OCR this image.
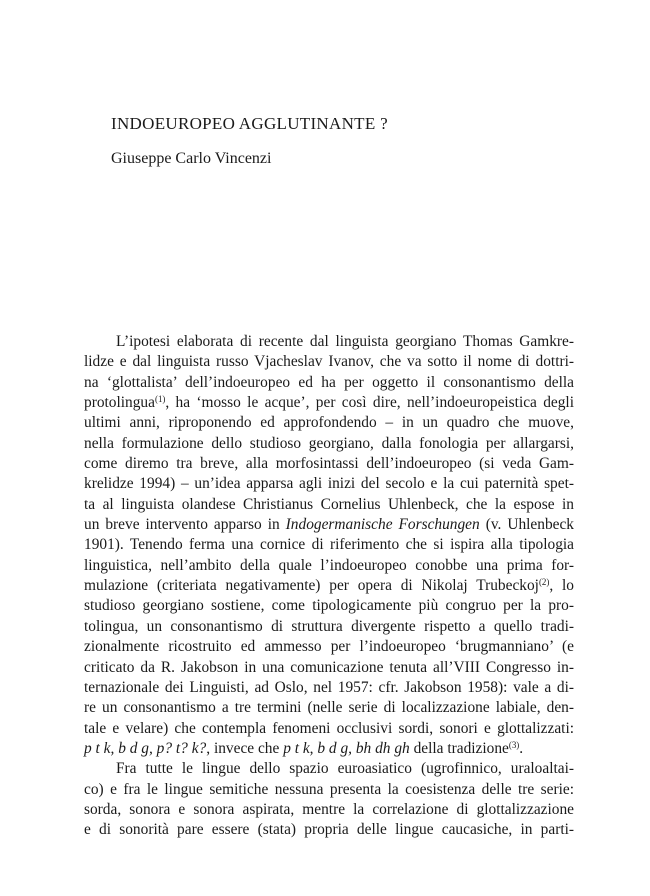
INDOEUROPEO AGGLUTINANTE ?
Giuseppe Carlo Vincenzi
L’ipotesi elaborata di recente dal linguista georgiano Thomas Gamkre-
lidze e dal linguista russo Vjacheslav Ivanov, che va sotto il nome di dottri-
na ‘glottalista’ dell’indoeuropeo ed ha per oggetto il consonantismo della
protolingua$^{(1)}$, ha ‘mosso le acque’, per così dire, nell’indoeuropeistica degli
ultimi anni, riproponendo ed approfondendo – in un quadro che muove,
nella formulazione dello studioso georgiano, dalla fonologia per allargarsi,
come diremo tra breve, alla morfosintassi dell’indoeuropeo (si veda Gam-
krelidze 1994) – un’idea apparsa agli inizi del secolo e la cui paternità spet-
ta al linguista olandese Christianus Cornelius Uhlenbeck, che la espose in
un breve intervento apparso in Indogermanische Forschungen (v. Uhlenbeck
1901). Tenendo ferma una cornice di riferimento che si ispira alla tipologia
linguistica, nell’ambito della quale l’indoeuropeo conobbe una prima for-
mulazione (criteriata negativamente) per opera di Nikolaj Trubeckoj$^{(2)}$, lo
studioso georgiano sostiene, come tipologicamente più congruo per la pro-
tolingua, un consonantismo di struttura divergente rispetto a quello tradi-
zionalmente ricostruito ed ammesso per l’indoeuropeo ‘brugmanniano’ (e
criticato da R. Jakobson in una comunicazione tenuta all’VIII Congresso in-
ternazionale dei Linguisti, ad Oslo, nel 1957: cfr. Jakobson 1958): vale a di-
re un consonantismo a tre termini (nelle serie di localizzazione labiale, den-
tale e velare) che contempla fenomeni occlusivi sordi, sonori e glottalizzati:
p t k, b d g, p? t? k?, invece che p t k, b d g, bh dh gh della tradizione$^{(3)}$.
Fra tutte le lingue dello spazio euroasiatico (ugrofinnico, uraloaltai-
co) e fra le lingue semitiche nessuna presenta la coesistenza delle tre serie:
sorda, sonora e sonora aspirata, mentre la correlazione di glottalizzazione
e di sonorità pare essere (stata) propria delle lingue caucasiche, in parti-
